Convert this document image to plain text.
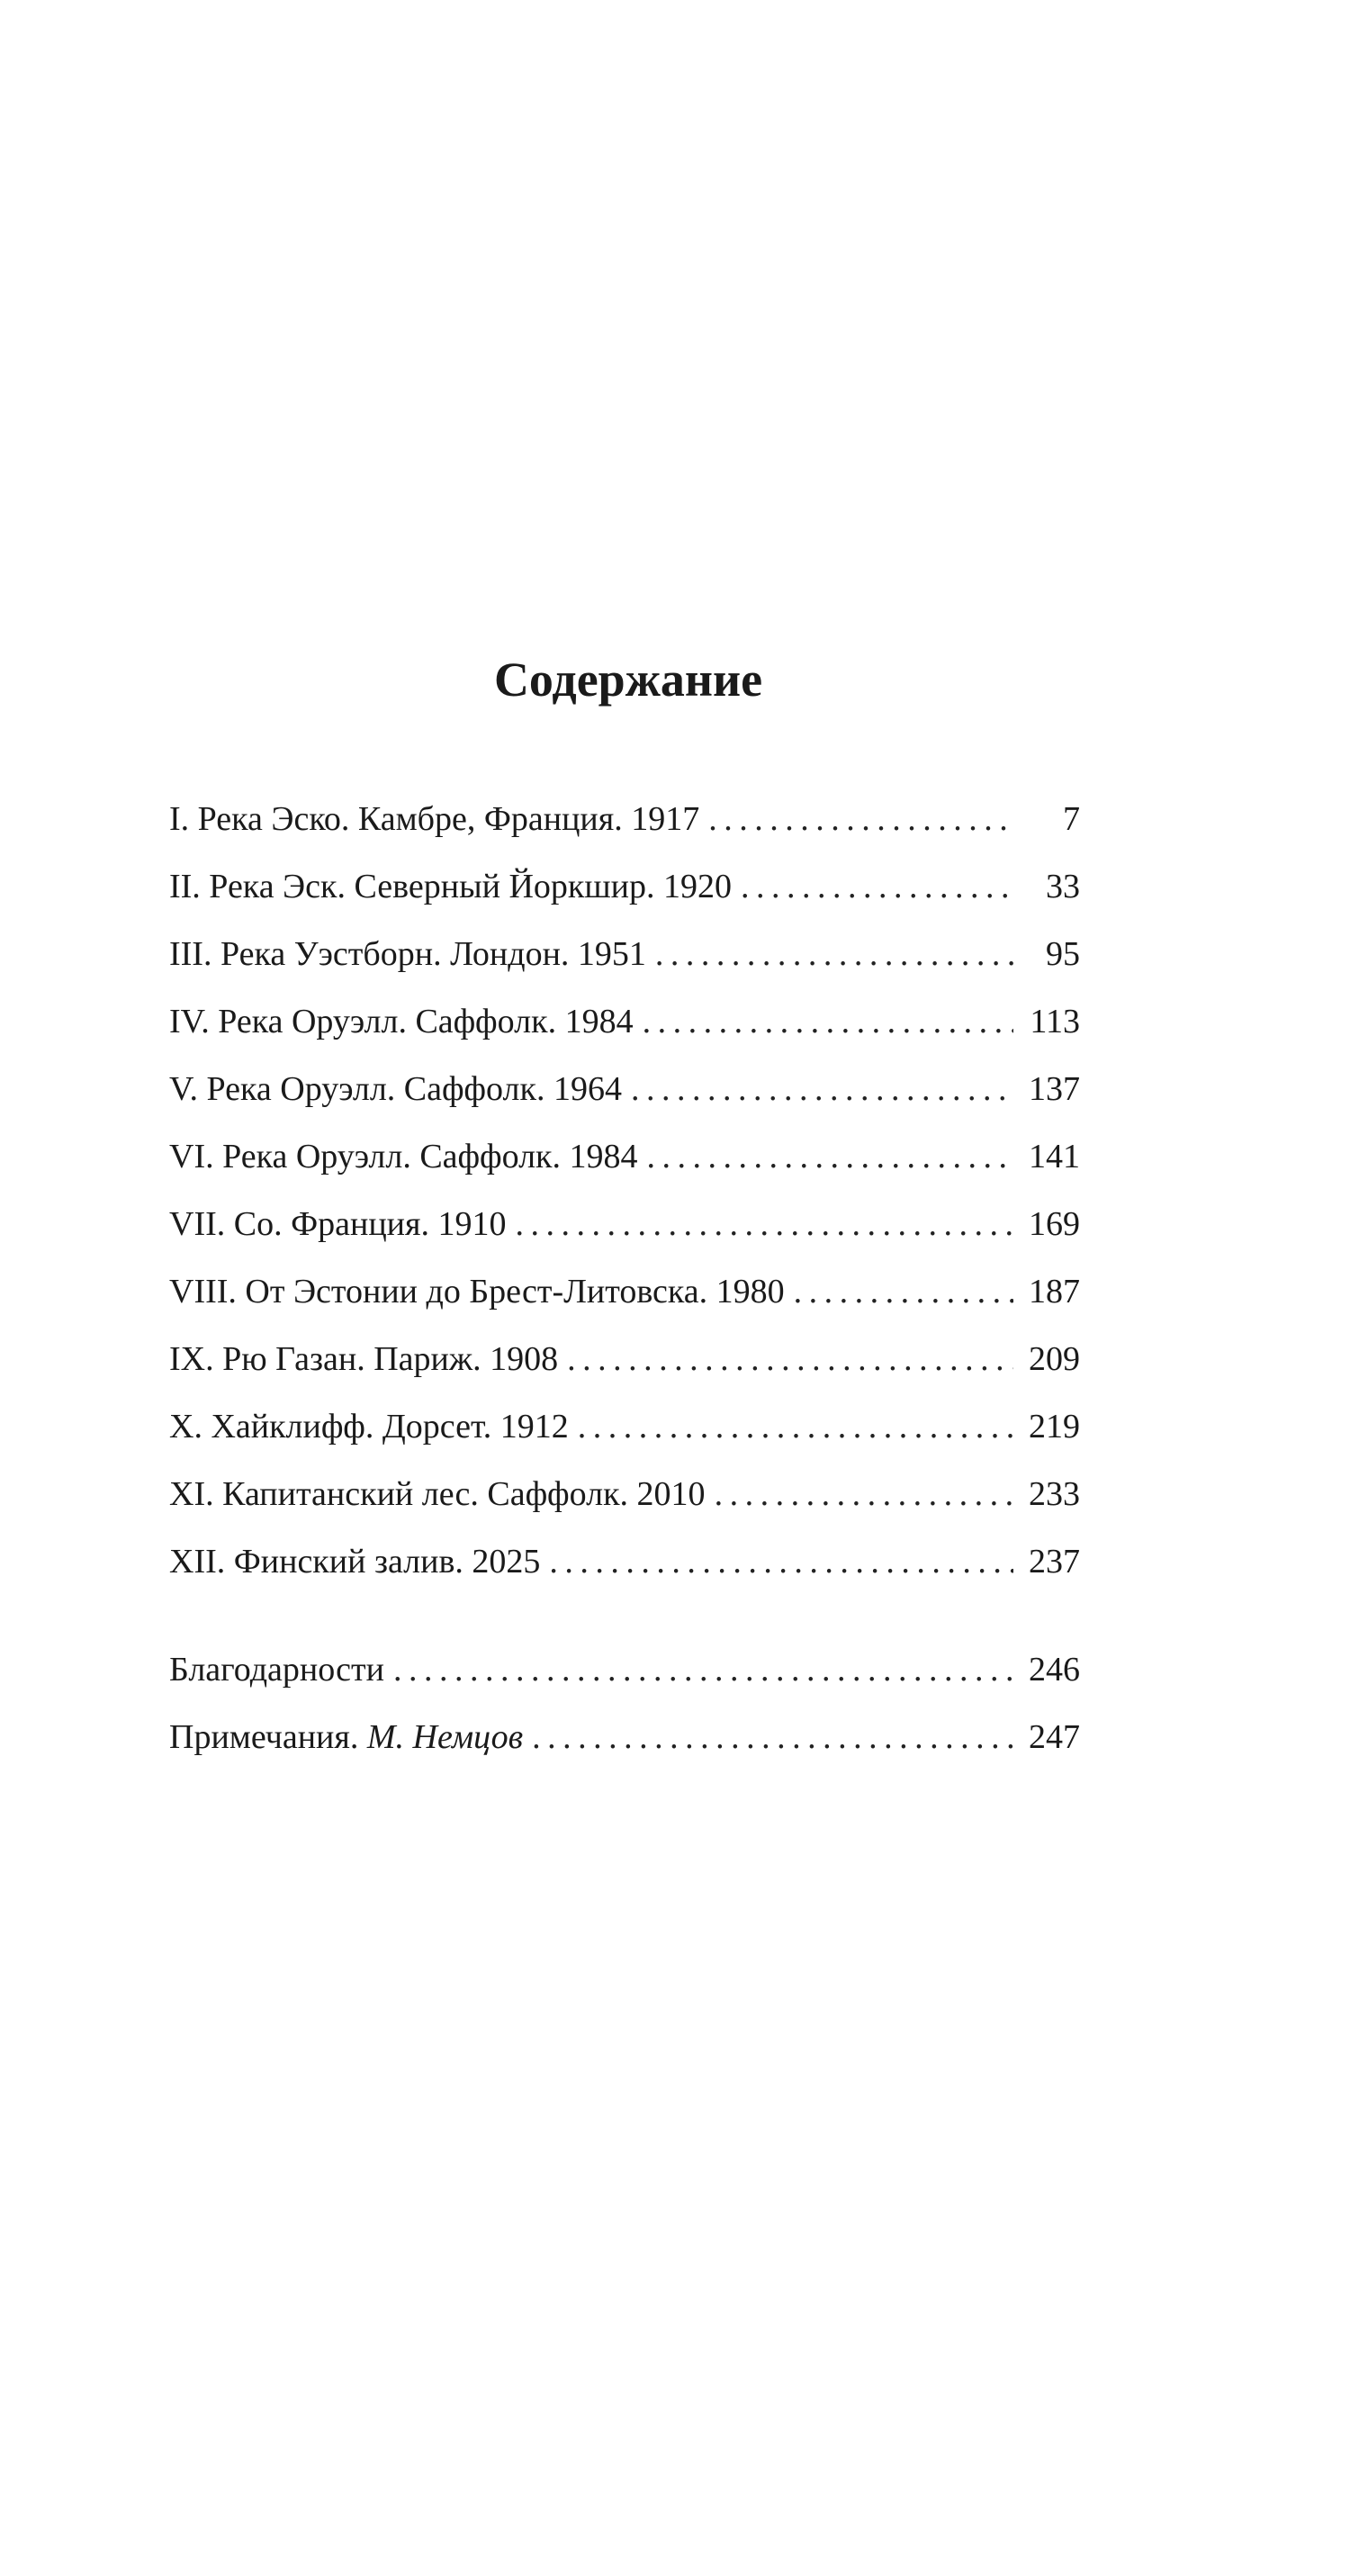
Содержание
I. Река Эско. Камбре, Франция. 1917 . . .	7
II. Река Эск. Северный Йоркшир. 1920 . . .	33
III. Река Уэстборн. Лондон. 1951 . . .	95
IV. Река Оруэлл. Саффолк. 1984 . . .	113
V. Река Оруэлл. Саффолк. 1964 . . .	137
VI. Река Оруэлл. Саффолк. 1984 . . .	141
VII. Со. Франция. 1910 . . .	169
VIII. От Эстонии до Брест-Литовска. 1980 . . .	187
IX. Рю Газан. Париж. 1908 . . .	209
X. Хайклифф. Дорсет. 1912 . . .	219
XI. Капитанский лес. Саффолк. 2010 . . .	233
XII. Финский залив. 2025 . . .	237
Благодарности . . .	246
Примечания. М. Немцов . . .	247
